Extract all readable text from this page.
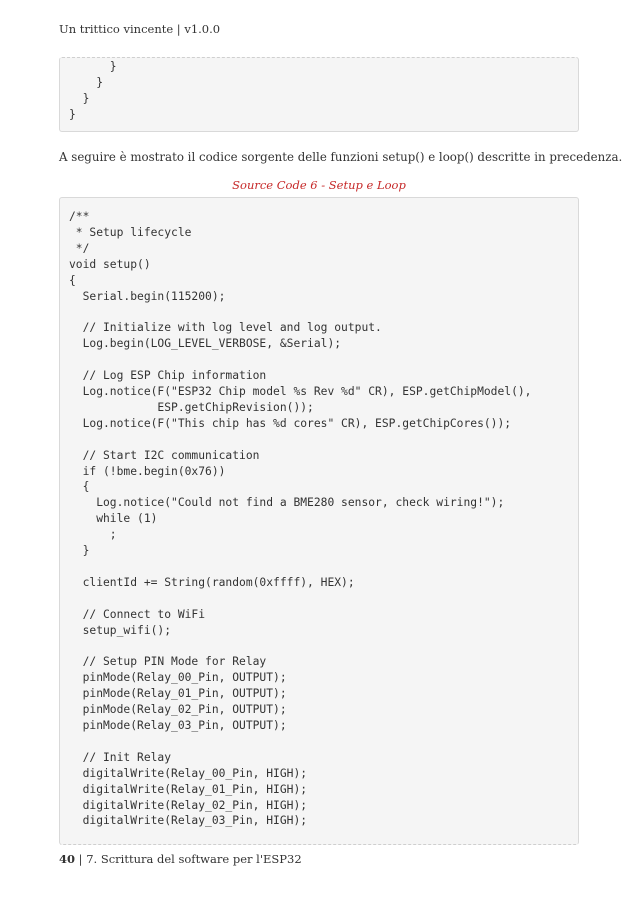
Un trittico vincente | v1.0.0
}
}
}
}
A seguire è mostrato il codice sorgente delle funzioni setup() e loop() descritte in precedenza.
Source Code 6 - Setup e Loop
/**
* Setup lifecycle
*/
void setup()
{
Serial.begin(115200);

// Initialize with log level and log output.
Log.begin(LOG_LEVEL_VERBOSE, &Serial);

// Log ESP Chip information
Log.notice(F("ESP32 Chip model %s Rev %d" CR), ESP.getChipModel(),
ESP.getChipRevision());
Log.notice(F("This chip has %d cores" CR), ESP.getChipCores());

// Start I2C communication
if (!bme.begin(0x76))
{
Log.notice("Could not find a BME280 sensor, check wiring!");
while (1)
;
}

clientId += String(random(0xffff), HEX);

// Connect to WiFi
setup_wifi();

// Setup PIN Mode for Relay
pinMode(Relay_00_Pin, OUTPUT);
pinMode(Relay_01_Pin, OUTPUT);
pinMode(Relay_02_Pin, OUTPUT);
pinMode(Relay_03_Pin, OUTPUT);

// Init Relay
digitalWrite(Relay_00_Pin, HIGH);
digitalWrite(Relay_01_Pin, HIGH);
digitalWrite(Relay_02_Pin, HIGH);
digitalWrite(Relay_03_Pin, HIGH);
40 | 7. Scrittura del software per l'ESP32
